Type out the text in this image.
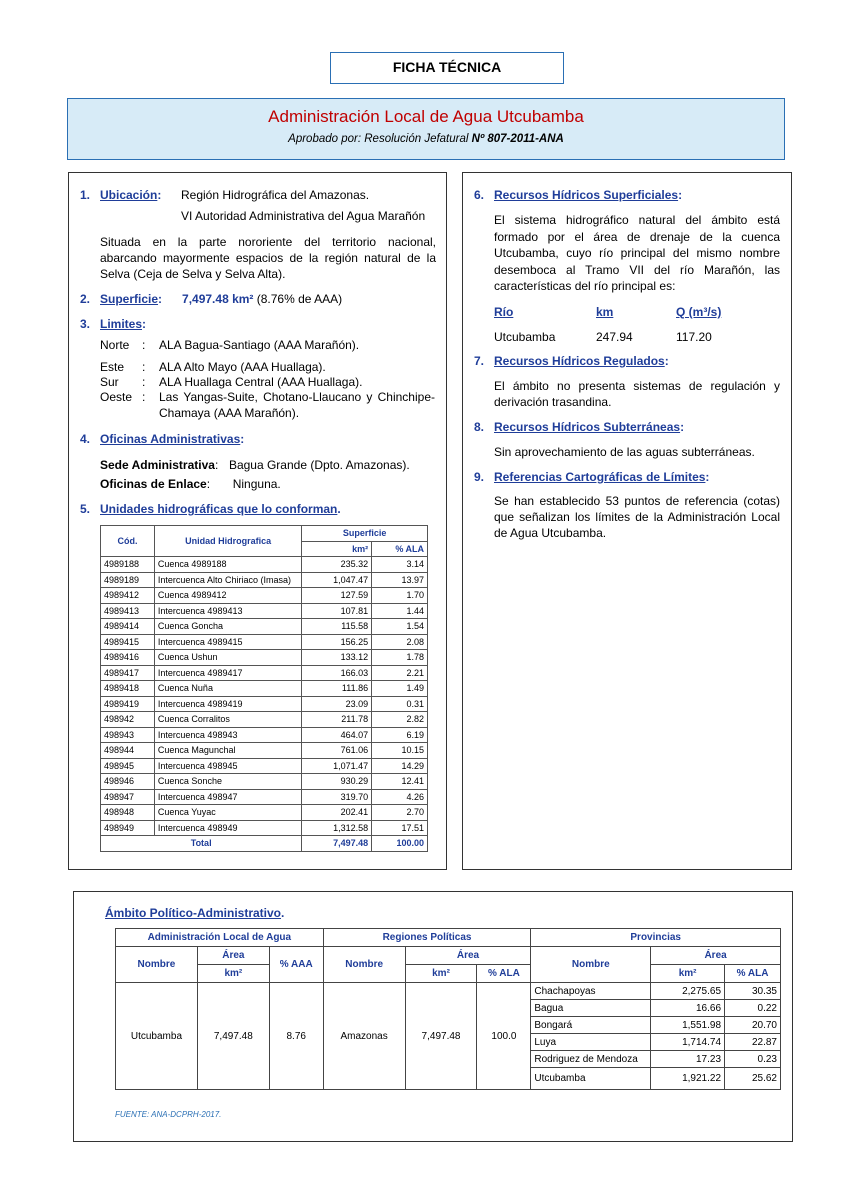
FICHA TÉCNICA
Administración Local de Agua Utcubamba
Aprobado por: Resolución Jefatural Nº 807-2011-ANA
1. Ubicación:	Región Hidrográfica del Amazonas.
VI Autoridad Administrativa del Agua Marañón
Situada en la parte nororiente del territorio nacional, abarcando mayormente espacios de la región natural de la Selva (Ceja de Selva y Selva Alta).
2. Superficie: 7,497.48 km² (8.76% de AAA)
3. Limites:
Norte : ALA Bagua-Santiago (AAA Marañón).
Este : ALA Alto Mayo (AAA Huallaga).
Sur : ALA Huallaga Central (AAA Huallaga).
Oeste :	Las Yangas-Suite, Chotano-Llaucano y Chinchipe-Chamaya (AAA Marañón).
4. Oficinas Administrativas:
Sede Administrativa: Bagua Grande (Dpto. Amazonas).
Oficinas de Enlace: Ninguna.
5. Unidades hidrográficas que lo conforman.
Cód.	Unidad Hidrografica	Superficie	
		km²	% ALA
4989188	Cuenca 4989188	235.32	3.14
4989189	Intercuenca Alto Chiriaco (Imasa)	1,047.47	13.97
4989412	Cuenca 4989412	127.59	1.70
4989413	Intercuenca 4989413	107.81	1.44
4989414	Cuenca Goncha	115.58	1.54
4989415	Intercuenca 4989415	156.25	2.08
4989416	Cuenca Ushun	133.12	1.78
4989417	Intercuenca 4989417	166.03	2.21
4989418	Cuenca Nuña	111.86	1.49
4989419	Intercuenca 4989419	23.09	0.31
498942	Cuenca Corralitos	211.78	2.82
498943	Intercuenca 498943	464.07	6.19
498944	Cuenca Magunchal	761.06	10.15
498945	Intercuenca 498945	1,071.47	14.29
498946	Cuenca Sonche	930.29	12.41
498947	Intercuenca 498947	319.70	4.26
498948	Cuenca Yuyac	202.41	2.70
498949	Intercuenca 498949	1,312.58	17.51
Total		7,497.48	100.00
6. Recursos Hídricos Superficiales:
El sistema hidrográfico natural del ámbito está formado por el área de drenaje de la cuenca Utcubamba, cuyo río principal del mismo nombre desemboca al Tramo VII del río Marañón, las características del río principal es:
Río	km	Q (m³/s)
Utcubamba	247.94	117.20
7. Recursos Hídricos Regulados:
El ámbito no presenta sistemas de regulación y derivación trasandina.
8. Recursos Hídricos Subterráneas:
Sin aprovechamiento de las aguas subterráneas.
9. Referencias Cartográficas de Límites:
Se han establecido 53 puntos de referencia (cotas) que señalizan los límites de la Administración Local de Agua Utcubamba.
Ámbito Político-Administrativo.
Administración Local de Agua			Regiones Políticas			Provincias		
Nombre	Área	% AAA	Nombre	Área		Nombre	Área	
	km²			km²	% ALA		km²	% ALA
Utcubamba	7,497.48	8.76	Amazonas	7,497.48	100.0	Chachapoyas	2,275.65	30.35
						Bagua	16.66	0.22
						Bongará	1,551.98	20.70
						Luya	1,714.74	22.87
						Rodriguez de Mendoza	17.23	0.23
						Utcubamba	1,921.22	25.62
FUENTE: ANA-DCPRH-2017.
